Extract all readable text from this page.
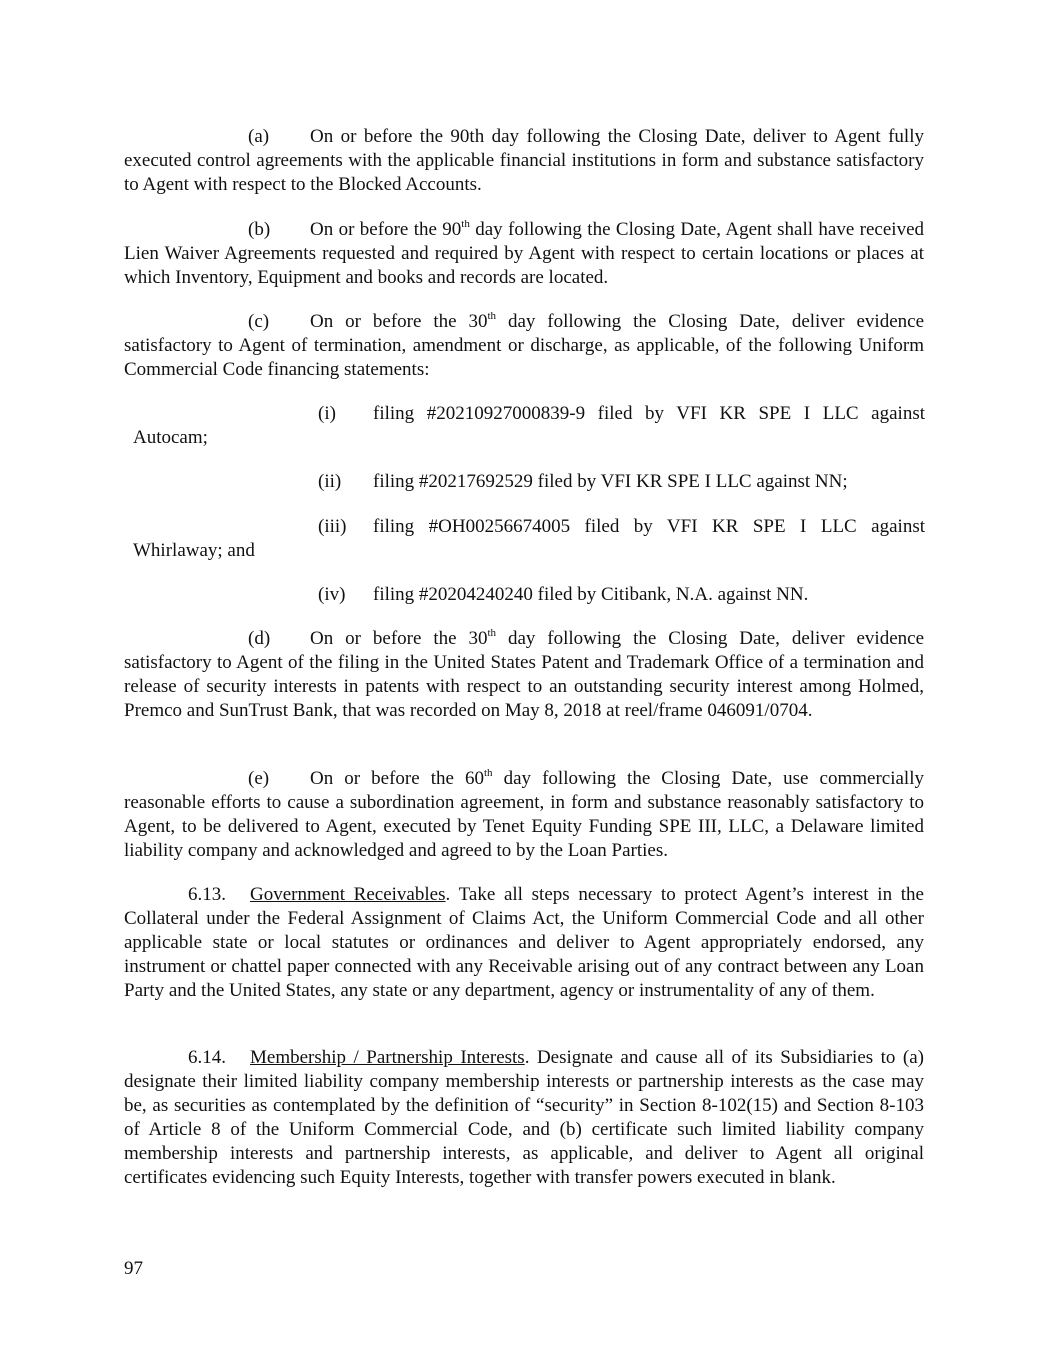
(a) On or before the 90th day following the Closing Date, deliver to Agent fully executed control agreements with the applicable financial institutions in form and substance satisfactory to Agent with respect to the Blocked Accounts.

(b) On or before the 90th day following the Closing Date, Agent shall have received Lien Waiver Agreements requested and required by Agent with respect to certain locations or places at which Inventory, Equipment and books and records are located.

(c) On or before the 30th day following the Closing Date, deliver evidence satisfactory to Agent of termination, amendment or discharge, as applicable, of the following Uniform Commercial Code financing statements:

(i) filing #20210927000839-9 filed by VFI KR SPE I LLC against
Autocam;
(ii) filing #20217692529 filed by VFI KR SPE I LLC against NN;
(iii) filing #OH00256674005 filed by VFI KR SPE I LLC against
Whirlaway; and
(iv) filing #20204240240 filed by Citibank, N.A. against NN.

(d) On or before the 30th day following the Closing Date, deliver evidence satisfactory to Agent of the filing in the United States Patent and Trademark Office of a termination and release of security interests in patents with respect to an outstanding security interest among Holmed, Premco and SunTrust Bank, that was recorded on May 8, 2018 at reel/frame 046091/0704.

(e) On or before the 60th day following the Closing Date, use commercially reasonable efforts to cause a subordination agreement, in form and substance reasonably satisfactory to Agent, to be delivered to Agent, executed by Tenet Equity Funding SPE III, LLC, a Delaware limited liability company and acknowledged and agreed to by the Loan Parties.

6.13. Government Receivables. Take all steps necessary to protect Agent’s interest in the Collateral under the Federal Assignment of Claims Act, the Uniform Commercial Code and all other applicable state or local statutes or ordinances and deliver to Agent appropriately endorsed, any instrument or chattel paper connected with any Receivable arising out of any contract between any Loan Party and the United States, any state or any department, agency or instrumentality of any of them.

6.14. Membership / Partnership Interests. Designate and cause all of its Subsidiaries to (a) designate their limited liability company membership interests or partnership interests as the case may be, as securities as contemplated by the definition of “security” in Section 8-102(15) and Section 8-103 of Article 8 of the Uniform Commercial Code, and (b) certificate such limited liability company membership interests and partnership interests, as applicable, and deliver to Agent all original certificates evidencing such Equity Interests, together with transfer powers executed in blank.

97
